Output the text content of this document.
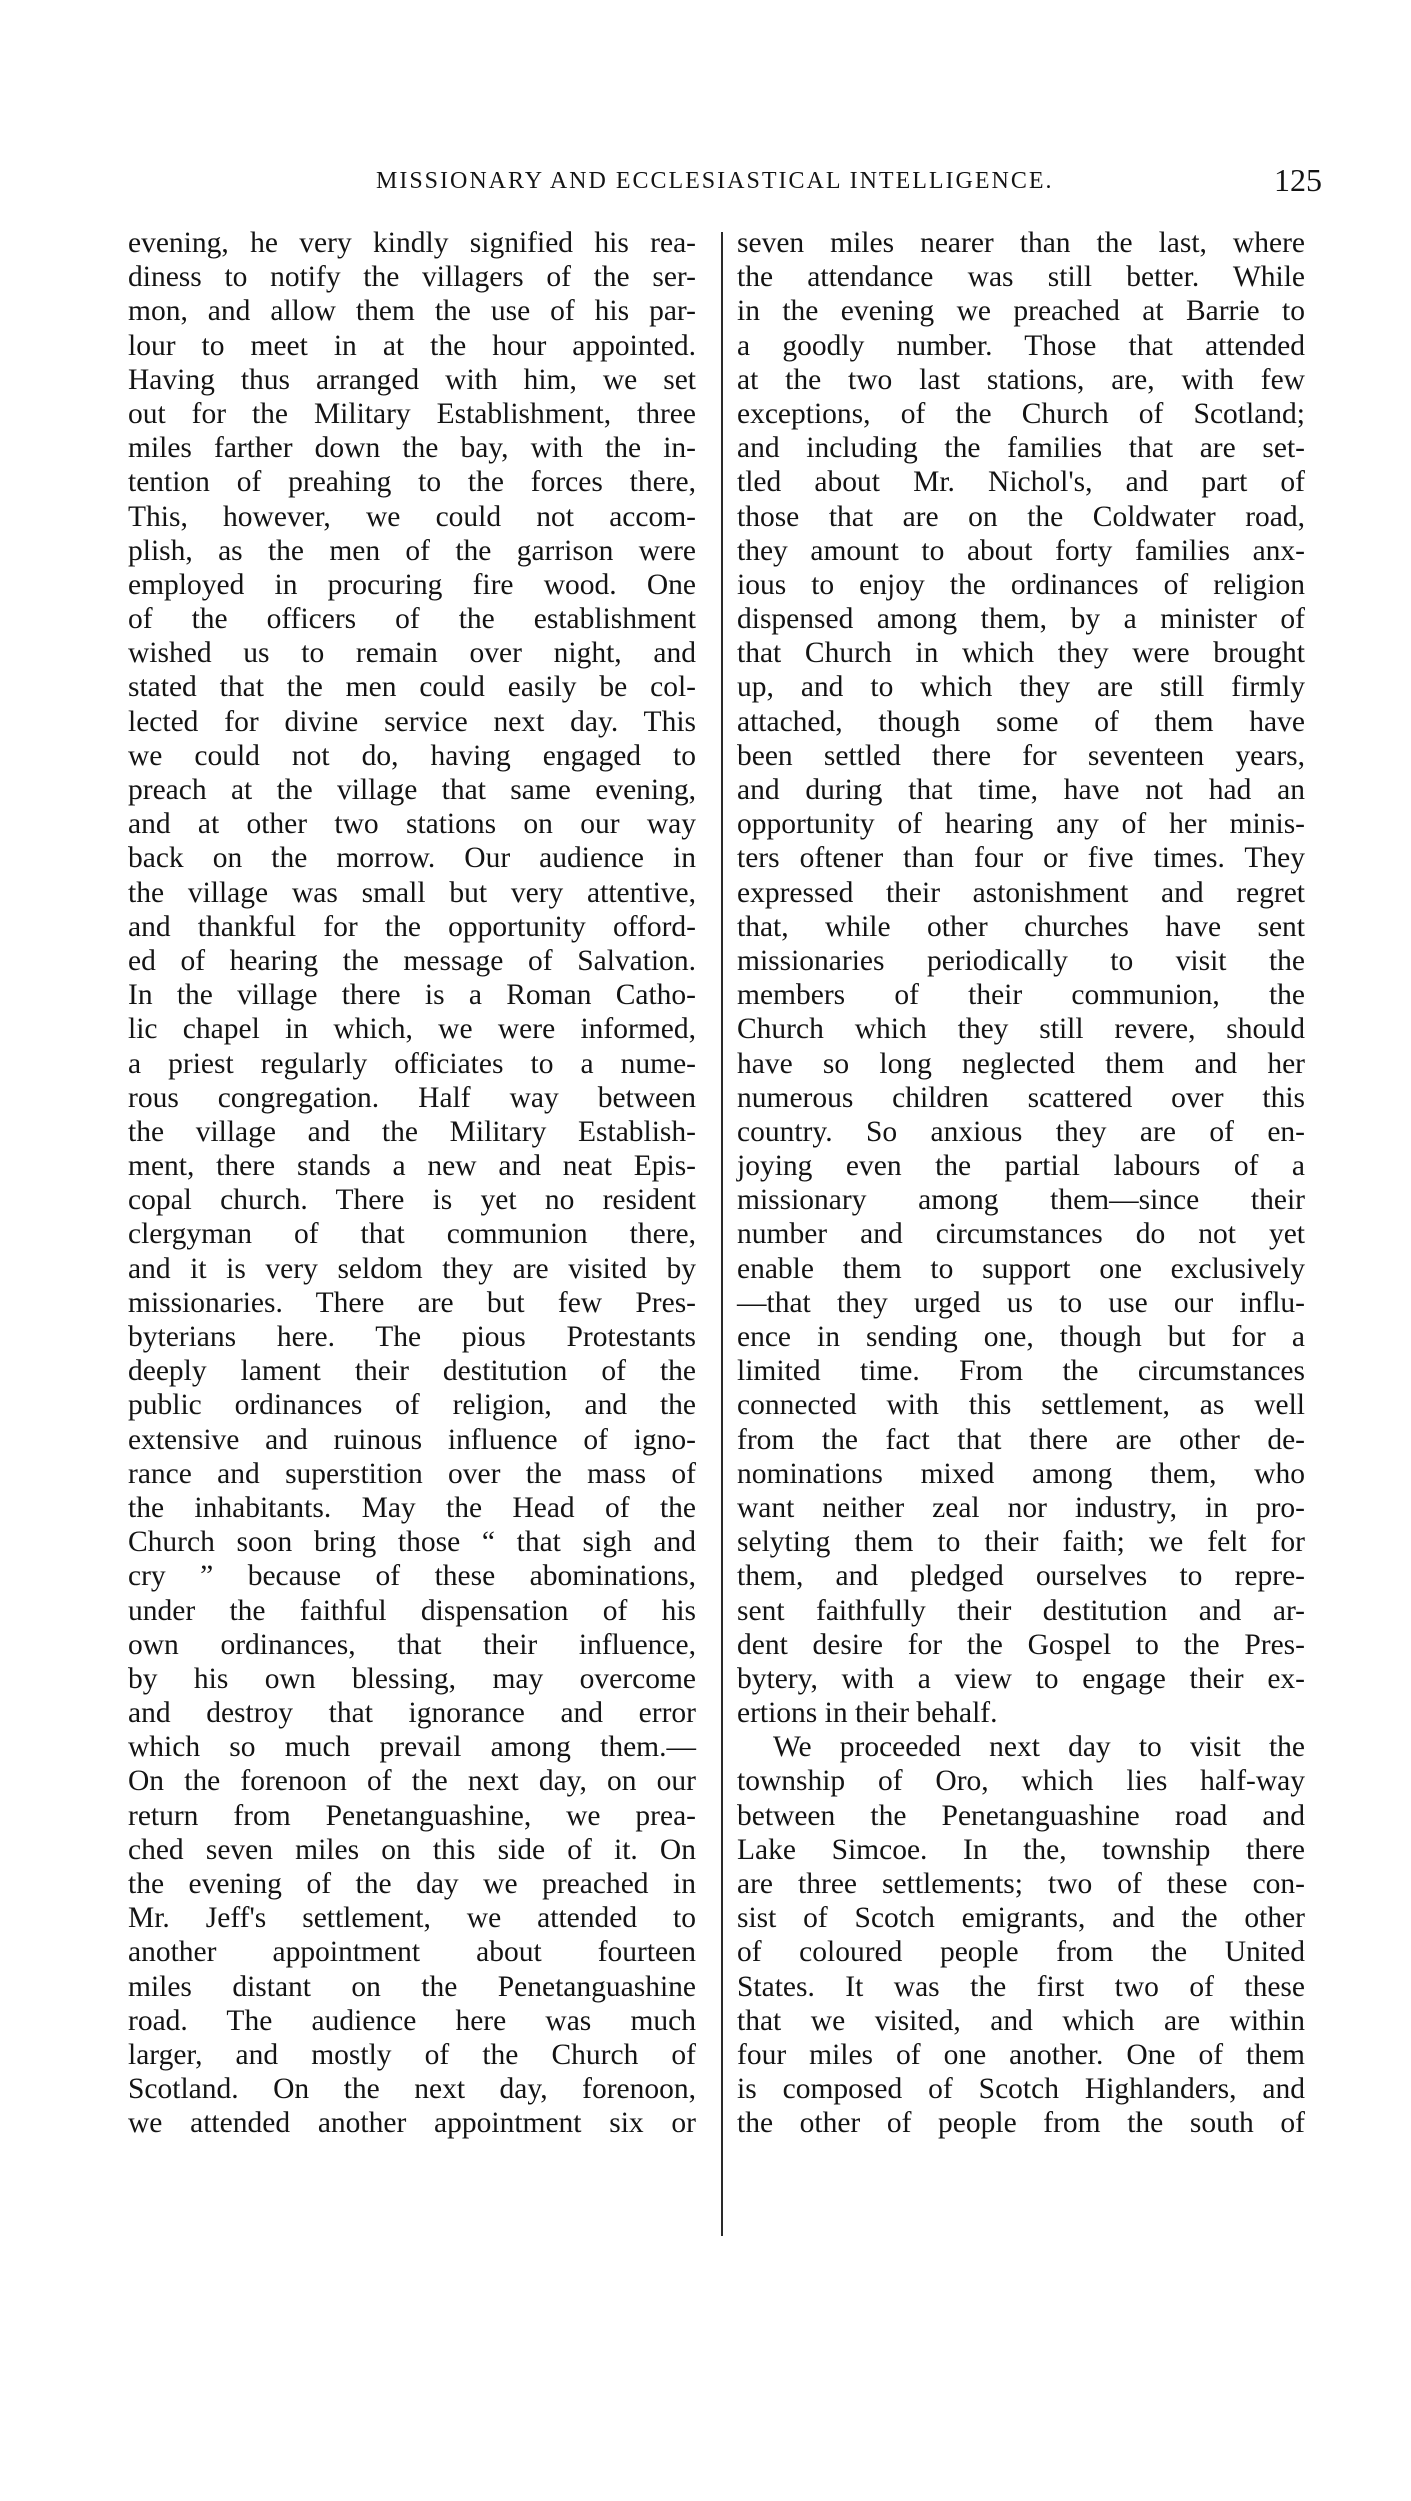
MISSIONARY AND ECCLESIASTICAL INTELLIGENCE.	125
evening, he very kindly signified his rea-
diness to notify the villagers of the ser-
mon, and allow them the use of his par-
lour to meet in at the hour appointed.
Having thus arranged with him, we set
out for the Military Establishment, three
miles farther down the bay, with the in-
tention of preahing to the forces there,
This, however, we could not accom-
plish, as the men of the garrison were
employed in procuring fire wood. One
of the officers of the establishment
wished us to remain over night, and
stated that the men could easily be col-
lected for divine service next day. This
we could not do, having engaged to
preach at the village that same evening,
and at other two stations on our way
back on the morrow. Our audience in
the village was small but very attentive,
and thankful for the opportunity offord-
ed of hearing the message of Salvation.
In the village there is a Roman Catho-
lic chapel in which, we were informed,
a priest regularly officiates to a nume-
rous congregation. Half way between
the village and the Military Establish-
ment, there stands a new and neat Epis-
copal church. There is yet no resident
clergyman of that communion there,
and it is very seldom they are visited by
missionaries. There are but few Pres-
byterians here. The pious Protestants
deeply lament their destitution of the
public ordinances of religion, and the
extensive and ruinous influence of igno-
rance and superstition over the mass of
the inhabitants. May the Head of the
Church soon bring those “ that sigh and
cry ” because of these abominations,
under the faithful dispensation of his
own ordinances, that their influence,
by his own blessing, may overcome
and destroy that ignorance and error
which so much prevail among them.—
On the forenoon of the next day, on our
return from Penetanguashine, we prea-
ched seven miles on this side of it. On
the evening of the day we preached in
Mr. Jeff's settlement, we attended to
another appointment about fourteen
miles distant on the Penetanguashine
road. The audience here was much
larger, and mostly of the Church of
Scotland. On the next day, forenoon,
we attended another appointment six or
seven miles nearer than the last, where
the attendance was still better. While
in the evening we preached at Barrie to
a goodly number. Those that attended
at the two last stations, are, with few
exceptions, of the Church of Scotland;
and including the families that are set-
tled about Mr. Nichol's, and part of
those that are on the Coldwater road,
they amount to about forty families anx-
ious to enjoy the ordinances of religion
dispensed among them, by a minister of
that Church in which they were brought
up, and to which they are still firmly
attached, though some of them have
been settled there for seventeen years,
and during that time, have not had an
opportunity of hearing any of her minis-
ters oftener than four or five times. They
expressed their astonishment and regret
that, while other churches have sent
missionaries periodically to visit the
members of their communion, the
Church which they still revere, should
have so long neglected them and her
numerous children scattered over this
country. So anxious they are of en-
joying even the partial labours of a
missionary among them—since their
number and circumstances do not yet
enable them to support one exclusively
—that they urged us to use our influ-
ence in sending one, though but for a
limited time. From the circumstances
connected with this settlement, as well
from the fact that there are other de-
nominations mixed among them, who
want neither zeal nor industry, in pro-
selyting them to their faith; we felt for
them, and pledged ourselves to repre-
sent faithfully their destitution and ar-
dent desire for the Gospel to the Pres-
bytery, with a view to engage their ex-
ertions in their behalf.
We proceeded next day to visit the
township of Oro, which lies half-way
between the Penetanguashine road and
Lake Simcoe. In the, township there
are three settlements; two of these con-
sist of Scotch emigrants, and the other
of coloured people from the United
States. It was the first two of these
that we visited, and which are within
four miles of one another. One of them
is composed of Scotch Highlanders, and
the other of people from the south of
